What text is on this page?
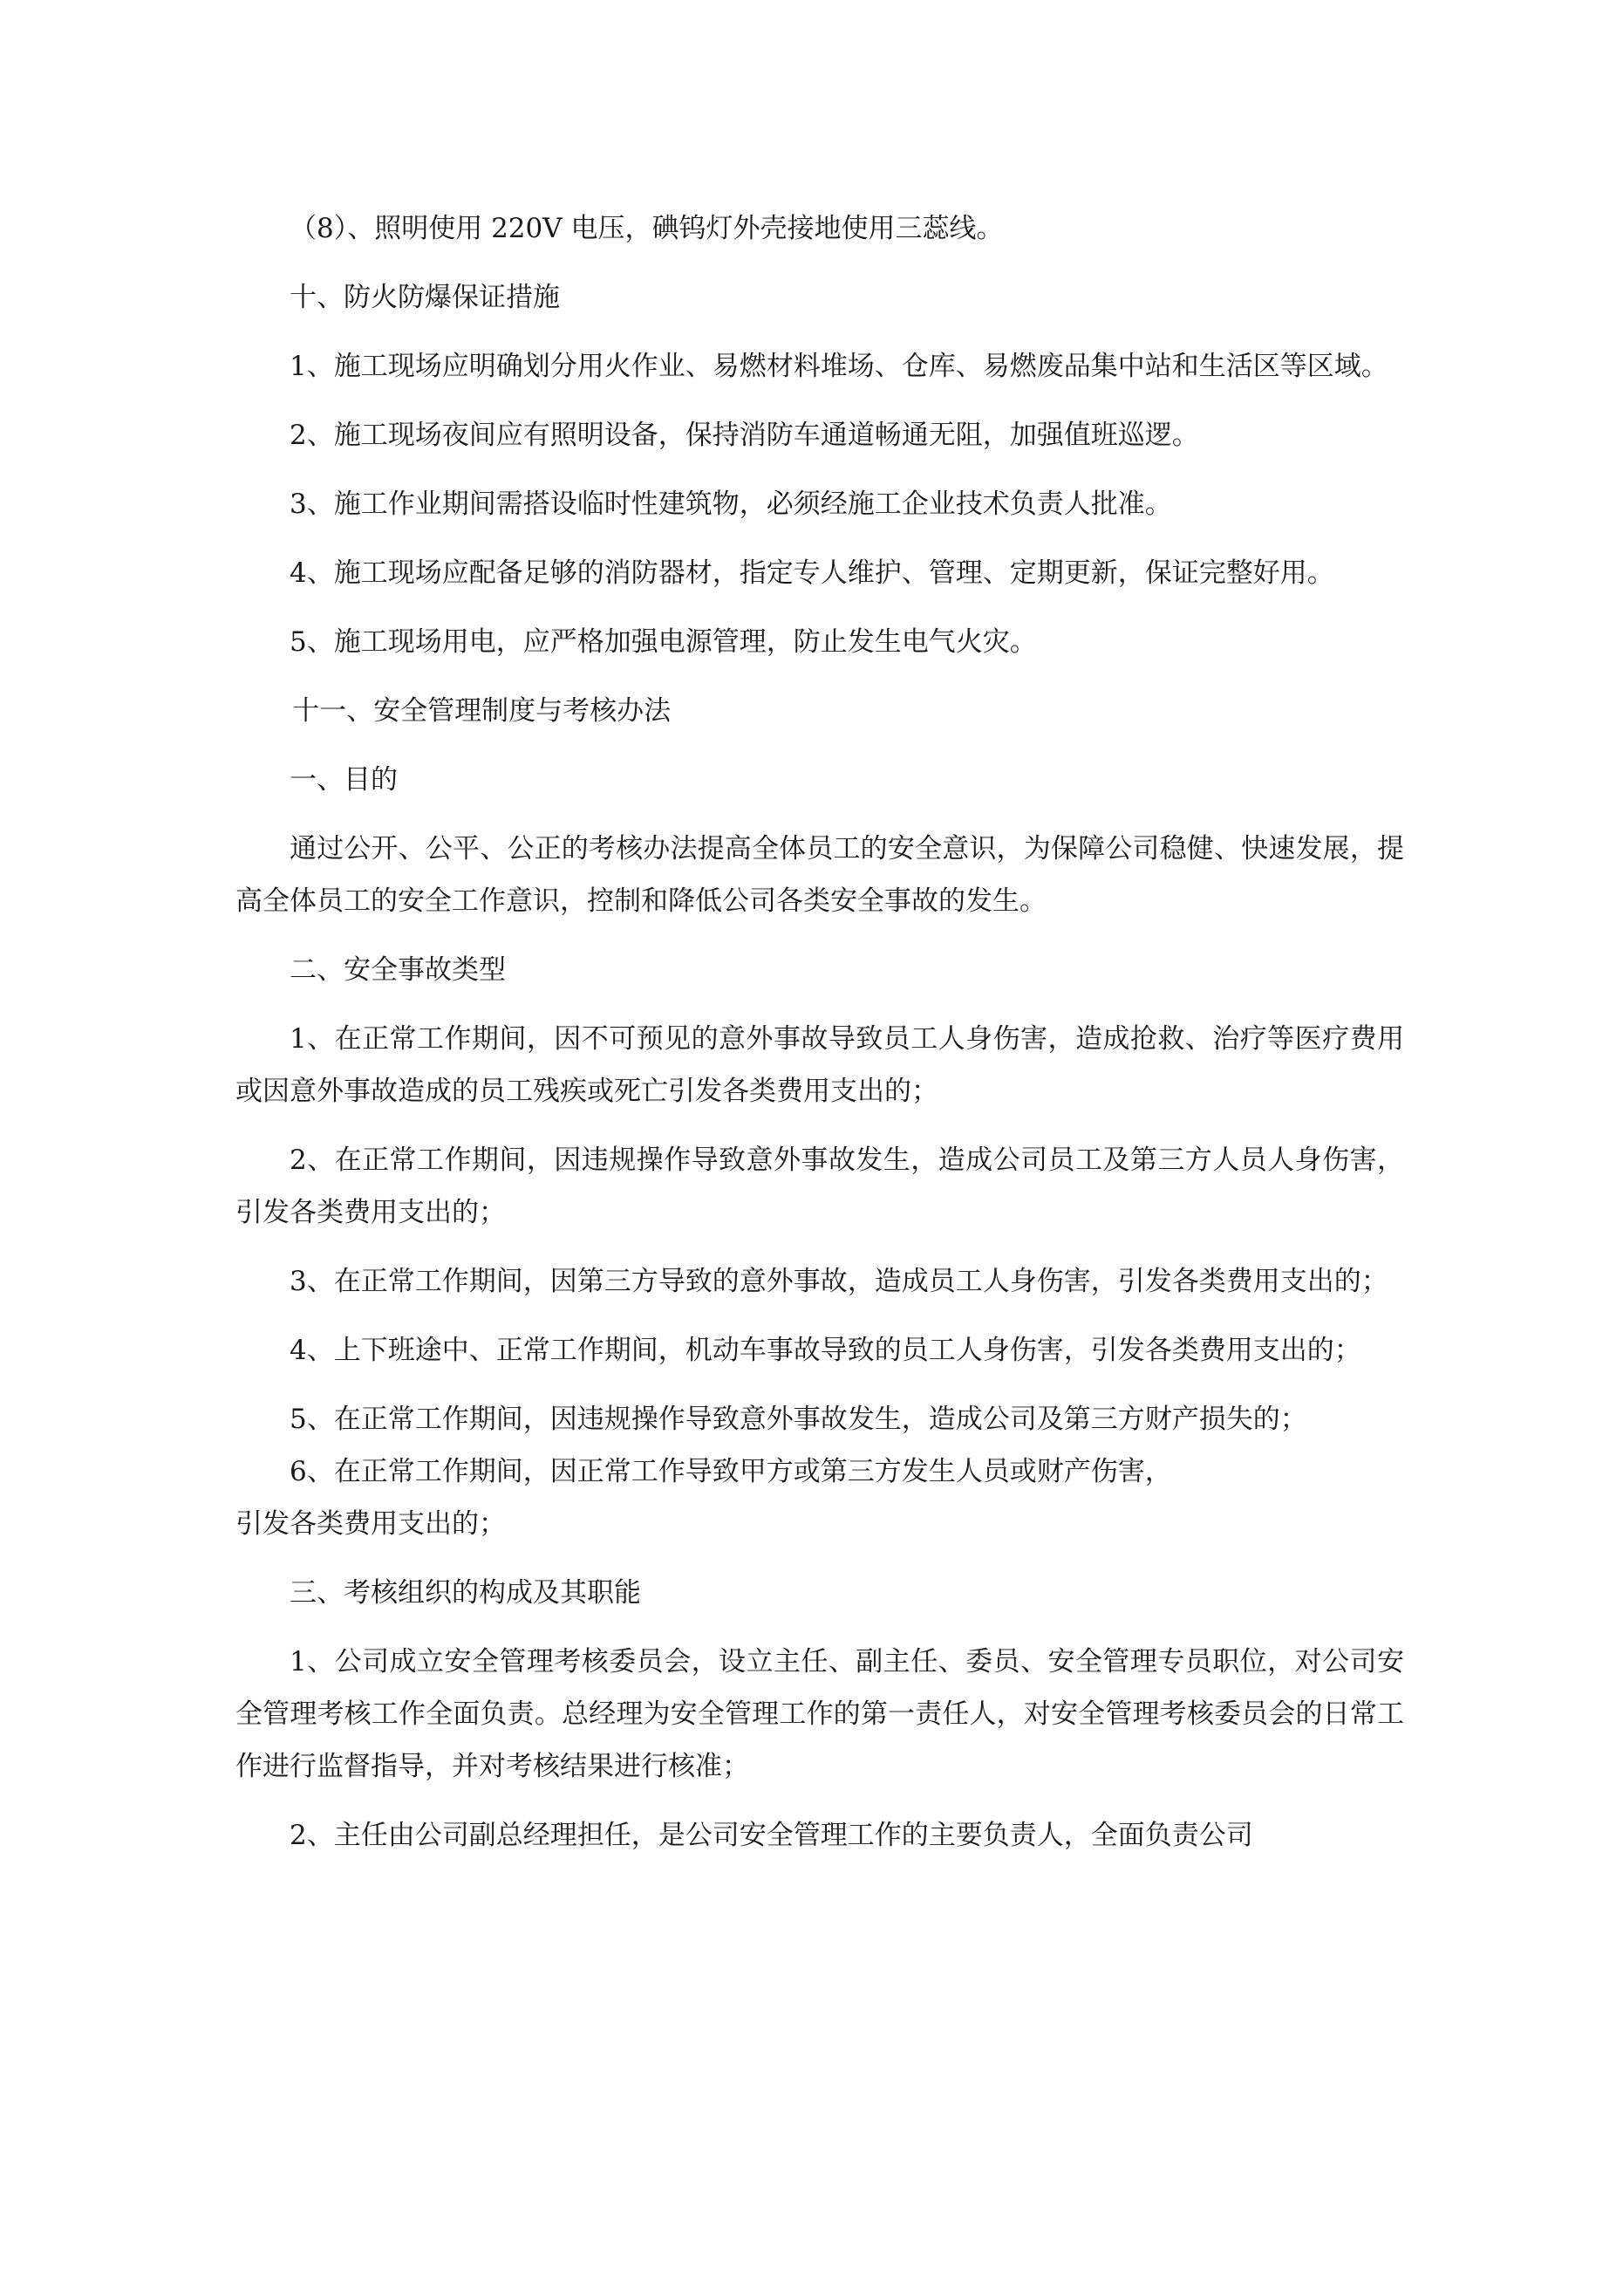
（8）、照明使用 220V 电压，碘钨灯外壳接地使用三蕊线。

十、防火防爆保证措施

1、施工现场应明确划分用火作业、易燃材料堆场、仓库、易燃废品集中站和生活区等区域。

2、施工现场夜间应有照明设备，保持消防车通道畅通无阻，加强值班巡逻。

3、施工作业期间需搭设临时性建筑物，必须经施工企业技术负责人批准。

4、施工现场应配备足够的消防器材，指定专人维护、管理、定期更新，保证完整好用。

5、施工现场用电，应严格加强电源管理，防止发生电气火灾。

十一、安全管理制度与考核办法

一、目的

通过公开、公平、公正的考核办法提高全体员工的安全意识，为保障公司稳健、快速发展，提高全体员工的安全工作意识，控制和降低公司各类安全事故的发生。

二、安全事故类型

1、在正常工作期间，因不可预见的意外事故导致员工人身伤害，造成抢救、治疗等医疗费用或因意外事故造成的员工残疾或死亡引发各类费用支出的；

2、在正常工作期间，因违规操作导致意外事故发生，造成公司员工及第三方人员人身伤害，引发各类费用支出的；

3、在正常工作期间，因第三方导致的意外事故，造成员工人身伤害，引发各类费用支出的；

4、上下班途中、正常工作期间，机动车事故导致的员工人身伤害，引发各类费用支出的；

5、在正常工作期间，因违规操作导致意外事故发生，造成公司及第三方财产损失的；

6、在正常工作期间，因正常工作导致甲方或第三方发生人员或财产伤害，

引发各类费用支出的；

三、考核组织的构成及其职能

1、公司成立安全管理考核委员会，设立主任、副主任、委员、安全管理专员职位，对公司安全管理考核工作全面负责。总经理为安全管理工作的第一责任人，对安全管理考核委员会的日常工作进行监督指导，并对考核结果进行核准；

2、主任由公司副总经理担任，是公司安全管理工作的主要负责人，全面负责公司
